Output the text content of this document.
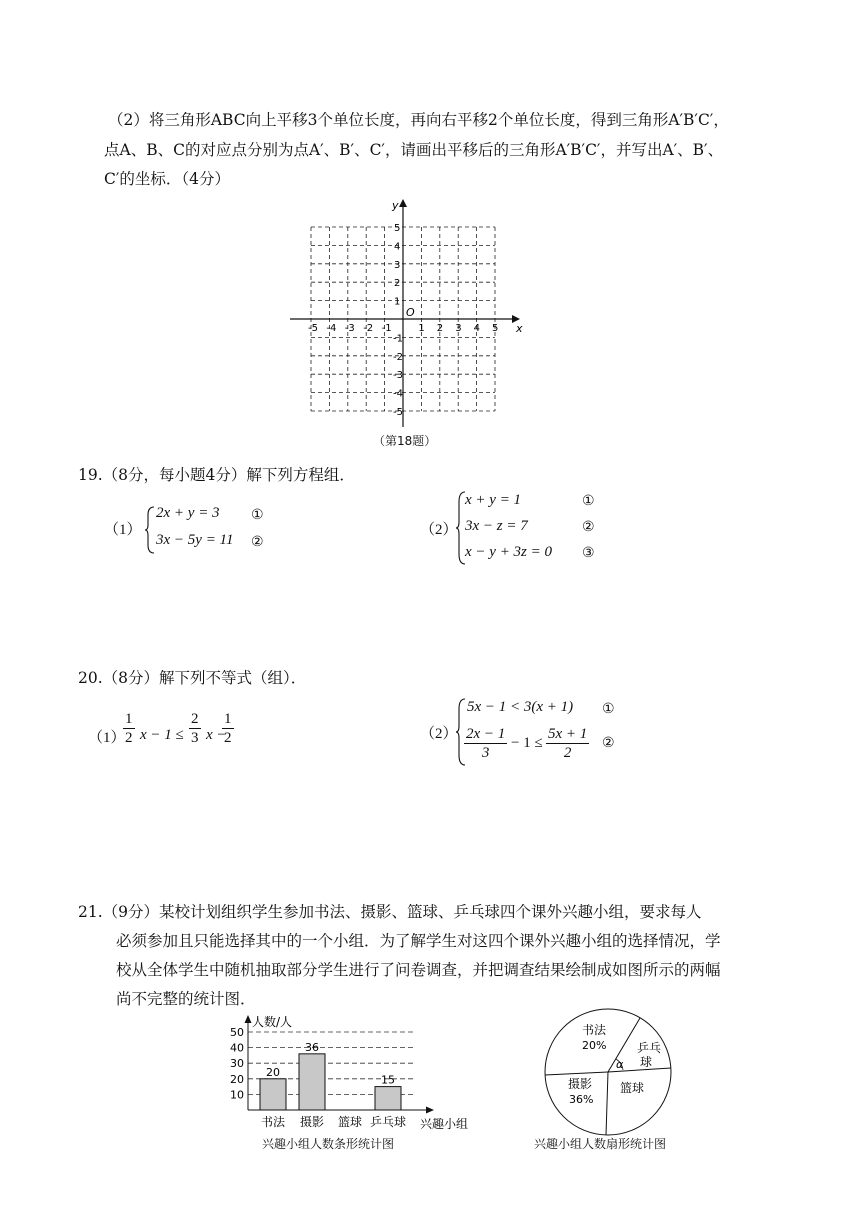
（2）将三角形ABC向上平移3个单位长度，再向右平移2个单位长度，得到三角形A′B′C′，
点A、B、C的对应点分别为点A′、B′、C′，请画出平移后的三角形A′B′C′，并写出A′、B′、
C′的坐标．（4分）
x
y
O
-5 -4 -3 -2 -1	1 2 3 4 5
5
4
3
2
1
-1
-2
-3
-4
-5
（第18题）
19.（8分，每小题4分）解下列方程组．
（1）
2x + y = 3
3x − 5y = 11
①
②
（2）
x + y = 1
3x − z = 7
x − y + 3z = 0
①
②
③
20.（8分）解下列不等式（组）．
（1）
$\frac{1}{2}$ $x - 1 \le \frac{2}{3}$ x −
$\frac{1}{2}$	（2）
5x − 1 < 3(x + 1)
$\frac{2x - 1}{3} - 1 \le \frac{5x + 1}{2}$
①
②
21.（9分）某校计划组织学生参加书法、摄影、篮球、乒乓球四个课外兴趣小组，要求每人
必须参加且只能选择其中的一个小组．为了解学生对这四个课外兴趣小组的选择情况，学
校从全体学生中随机抽取部分学生进行了问卷调查，并把调查结果绘制成如图所示的两幅
尚不完整的统计图．
人数/人
兴趣小组
10
20
30
40
50
20
36
15
书法 摄影 篮球 乒乓球
兴趣小组人数条形统计图
书法
20%	乒乓
球
α
篮球
摄影
36%
兴趣小组人数扇形统计图
